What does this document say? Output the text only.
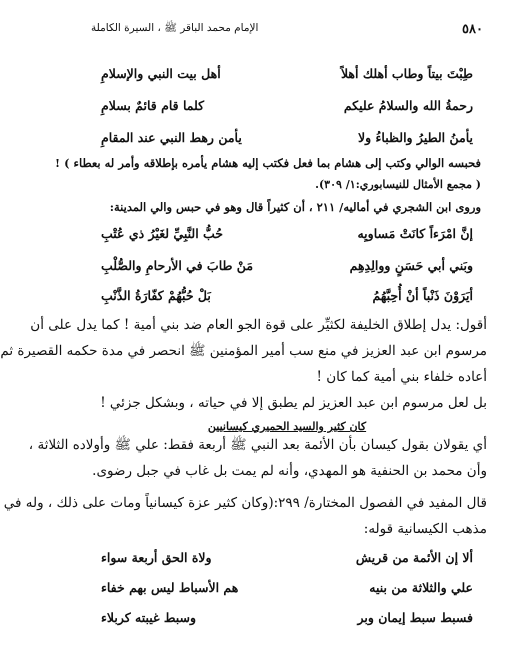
٥٨٠
الإمام محمد الباقر ﷺ ، السيرة الكاملة
طِبْتَ بيتاً وطاب أهلك أهلاً
أهل بيت النبي والإسلامِ
رحمةُ الله والسلامُ عليكم
كلما قام قائمٌ بسلامِ
يأمنُ الطيرُ والظباءُ ولا
يأمن رهط النبي عند المقامِ
فحبسه الوالي وكتب إلى هشام بما فعل فكتب إليه هشام يأمره بإطلاقه وأمر له بعطاء ) !
( مجمع الأمثال للنيسابوري:١/ ٣٠٩).
وروى ابن الشجري في أماليه/ ٢١١ ، أن كثيراً قال وهو في حبس والي المدينة:
إنَّ امْرَءاً كانَتْ مَساويِه
حُبُّ النَّبِيِّ لغَيْرُ ذي عُتْبِ
وبَني أبي حَسَنٍ ووالِدِهِم
مَنْ طابَ في الأرحامِ والصُّلْبِ
أيَرَوْنَ ذَنْباً أنْ أُحِبَّهُمُ
بَلْ حُبُّهُمْ كفّارَةُ الذَّنْبِ
أقول: يدل إطلاق الخليفة لكثيِّر على قوة الجو العام ضد بني أمية ! كما يدل على أن
مرسوم ابن عبد العزيز في منع سب أمير المؤمنين ﷺ انحصر في مدة حكمه القصيرة ثم
أعاده خلفاء بني أمية كما كان !
بل لعل مرسوم ابن عبد العزيز لم يطبق إلا في حياته ، وبشكل جزئي !
كان كثير والسيد الحميري كيسانيين
أي يقولان بقول كيسان بأن الأئمة بعد النبي ﷺ أربعة فقط: علي ﷺ وأولاده الثلاثة ،
وأن محمد بن الحنفية هو المهدي، وأنه لم يمت بل غاب في جبل رضوى.
قال المفيد في الفصول المختارة/ ٢٩٩:(وكان كثير عزة كيسانياً ومات على ذلك ، وله في
مذهب الكيسانية قوله:
ألا إن الأئمة من قريش
ولاة الحق أربعة سواء
علي والثلاثة من بنيه
هم الأسباط ليس بهم خفاء
فسبط سبط إيمان وبر
وسبط غيبته كربلاء
